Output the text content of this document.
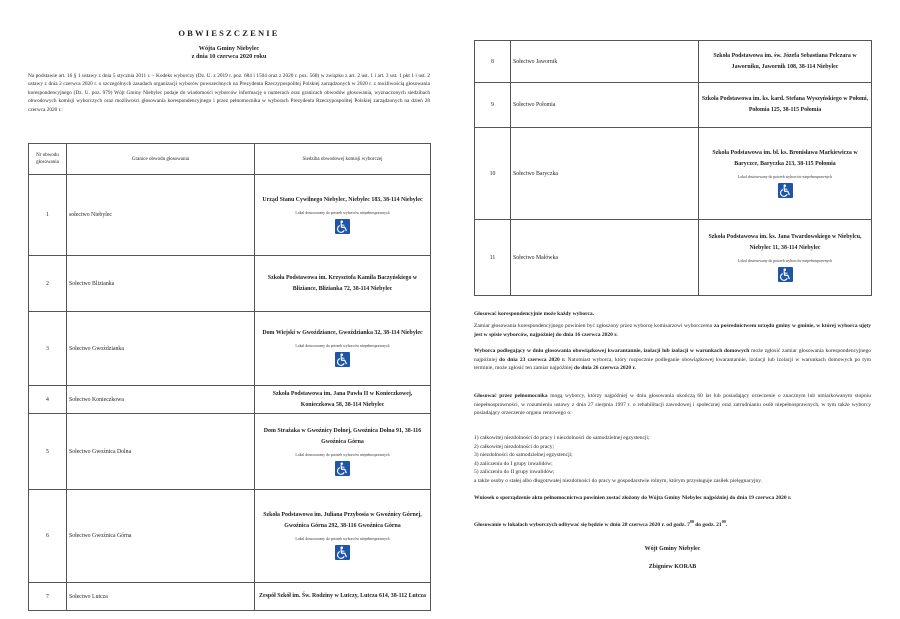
OBWIESZCZENIE
Wójta Gminy Niebylec
z dnia 10 czerwca 2020 roku
Na podstawie art. 16 § 1 ustawy z dnia 5 stycznia 2011 r. – Kodeks wyborczy (Dz. U. z 2019 r. poz. 684 i 1504 oraz z 2020 r. poz. 568) w związku z art. 2 ust. 1 i art. 3 ust. 1 pkt 1 i ust. 2 ustawy z dnia 2 czerwca 2020 r. o szczególnych zasadach organizacji wyborów powszechnych na Prezydenta Rzeczypospolitej Polskiej zarządzonych w 2020 r. z możliwością głosowania korespondencyjnego (Dz. U. poz. 979) Wójt Gminy Niebylec podaje do wiadomości wyborców informację o numerach oraz granicach obwodów głosowania, wyznaczonych siedzibach obwodowych komisji wyborczych oraz możliwości głosowania korespondencyjnego i przez pełnomocnika w wyborach Prezydenta Rzeczypospolitej Polskiej zarządzonych na dzień 28 czerwca 2020 r.:
Nr obwodu głosowania	Granice obwodu głosowania	Siedziba obwodowej komisji wyborczej
1	sołectwo Niebylec	Urząd Stanu Cywilnego Niebylec, Niebylec 183, 38-114 Niebylec
Lokal dostosowany do potrzeb wyborców niepełnosprawnych

2	Sołectwo Blizianka	Szkoła Podstawowa im. Krzysztofa Kamila Baczyńskiego w Bliziance, Blizianka 72, 38-114 Niebylec

3	Sołectwo Gwoździanka	Dom Wiejski w Gwoździance, Gwoździanka 32, 38-114 Niebylec
Lokal dostosowany do potrzeb wyborców niepełnosprawnych

4	Sołectwo Konieczkowa	Szkoła Podstawowa im. Jana Pawła II w Konieczkowej, Konieczkowa 58, 38-114 Niebylec

5	Sołectwo Gwoźnica Dolna	Dom Strażaka w Gwoźnicy Dolnej, Gwoźnica Dolna 91, 38-116 Gwoźnica Górna
Lokal dostosowany do potrzeb wyborców niepełnosprawnych

6	Sołectwo Gwoźnica Górna	Szkoła Podstawowa im. Juliana Przybosia w Gwoźnicy Górnej, Gwoźnica Górna 292, 38-116 Gwoźnica Górna
Lokal dostosowany do potrzeb wyborców niepełnosprawnych

7	Sołectwo Lutcza	Zespół Szkół im. Św. Rodziny w Lutczy, Lutcza 614, 38-112 Lutcza
8	Sołectwo Jawornik	Szkoła Podstawowa im. św. Józefa Sebastiana Pelczara w Jaworniku, Jawornik 108, 38-114 Niebylec

9	Sołectwo Połomia	Szkoła Podstawowa im. ks. kard. Stefana Wyszyńskiego w Połomi, Połomia 125, 38-115 Połomia

10	Sołectwo Baryczka	Szkoła Podstawowa im. bł. ks. Bronisława Markiewicza w Baryczce, Baryczka 213, 38-115 Połomia
Lokal dostosowany do potrzeb wyborców niepełnosprawnych

11	Sołectwo Małówka	Szkoła Podstawowa im. ks. Jana Twardowskiego w Niebylcu, Niebylec 11, 38-114 Niebylec
Lokal dostosowany do potrzeb wyborców niepełnosprawnych
Głosować korespondencyjnie może każdy wyborca.
Zamiar głosowania korespondencyjnego powinien być zgłoszony przez wyborcę komisarzowi wyborczemu za pośrednictwem urzędu gminy w gminie, w której wyborca ujęty jest w spisie wyborców, najpóźniej do dnia 16 czerwca 2020 r.
Wyborca podlegający w dniu głosowania obowiązkowej kwarantannie, izolacji lub izolacji w warunkach domowych może zgłosić zamiar głosowania korespondencyjnego najpóźniej do dnia 23 czerwca 2020 r. Natomiast wyborca, który rozpocznie podleganie obowiązkowej kwarantannie, izolacji lub izolacji w warunkach domowych po tym terminie, może zgłosić ten zamiar najpóźniej do dnia 26 czerwca 2020 r.
Głosować przez pełnomocnika mogą wyborcy, którzy najpóźniej w dniu głosowania ukończą 60 lat lub posiadający orzeczenie o znacznym lub umiarkowanym stopniu niepełnosprawności, w rozumieniu ustawy z dnia 27 sierpnia 1997 r. o rehabilitacji zawodowej i społecznej oraz zatrudnianiu osób niepełnosprawnych, w tym także wyborcy posiadający orzeczenie organu rentowego o:
1) całkowitej niezdolności do pracy i niezdolności do samodzielnej egzystencji;
2) całkowitej niezdolności do pracy;
3) niezdolności do samodzielnej egzystencji;
4) zaliczeniu do I grupy inwalidów;
5) zaliczeniu do II grupy inwalidów;
a także osoby o stałej albo długotrwałej niezdolności do pracy w gospodarstwie rolnym, którym przysługuje zasiłek pielęgnacyjny.
Wniosek o sporządzenie aktu pełnomocnictwa powinien zostać złożony do Wójta Gminy Niebylec najpóźniej do dnia 19 czerwca 2020 r.
Głosowanie w lokalach wyborczych odbywać się będzie w dniu 28 czerwca 2020 r. od godz. $7^{00}$ do godz. $21^{00}$.
Wójt Gminy Niebylec
Zbigniew KORAB
